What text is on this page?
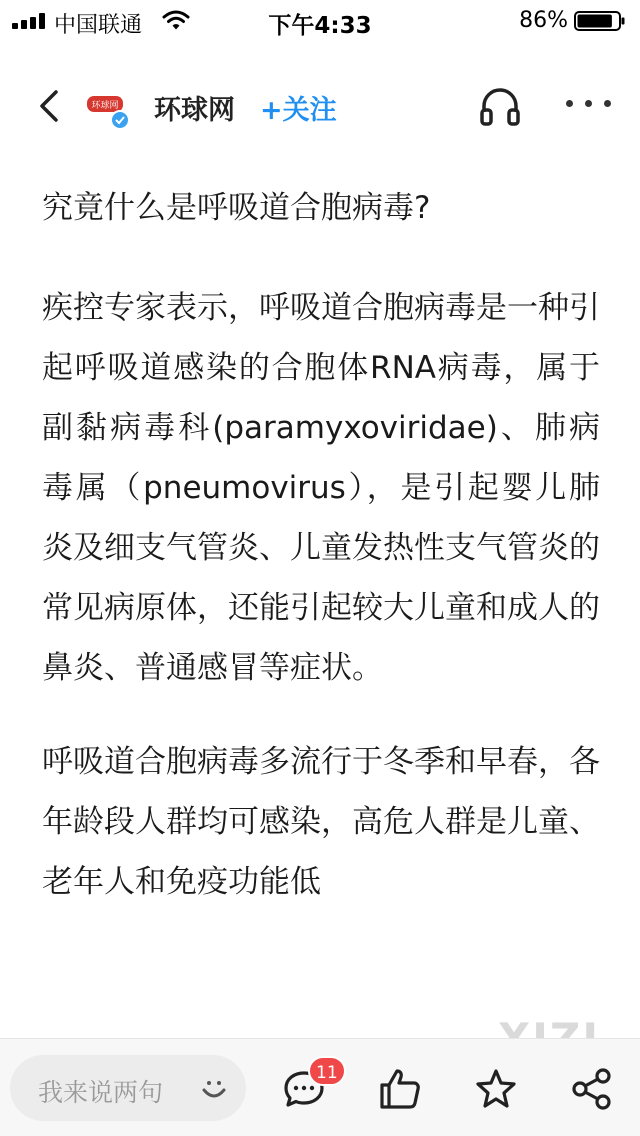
中国联通	下午4:33	86%
环球网 环球网 +关注

究竟什么是呼吸道合胞病毒?

疾控专家表示，呼吸道合胞病毒是一种引起呼吸道感染的合胞体RNA病毒，属于副黏病毒科(paramyxoviridae)、肺病毒属（pneumovirus），是引起婴儿肺炎及细支气管炎、儿童发热性支气管炎的常见病原体，还能引起较大儿童和成人的鼻炎、普通感冒等症状。

呼吸道合胞病毒多流行于冬季和早春，各年龄段人群均可感染，高危人群是儿童、老年人和免疫功能低

我来说两句
11
